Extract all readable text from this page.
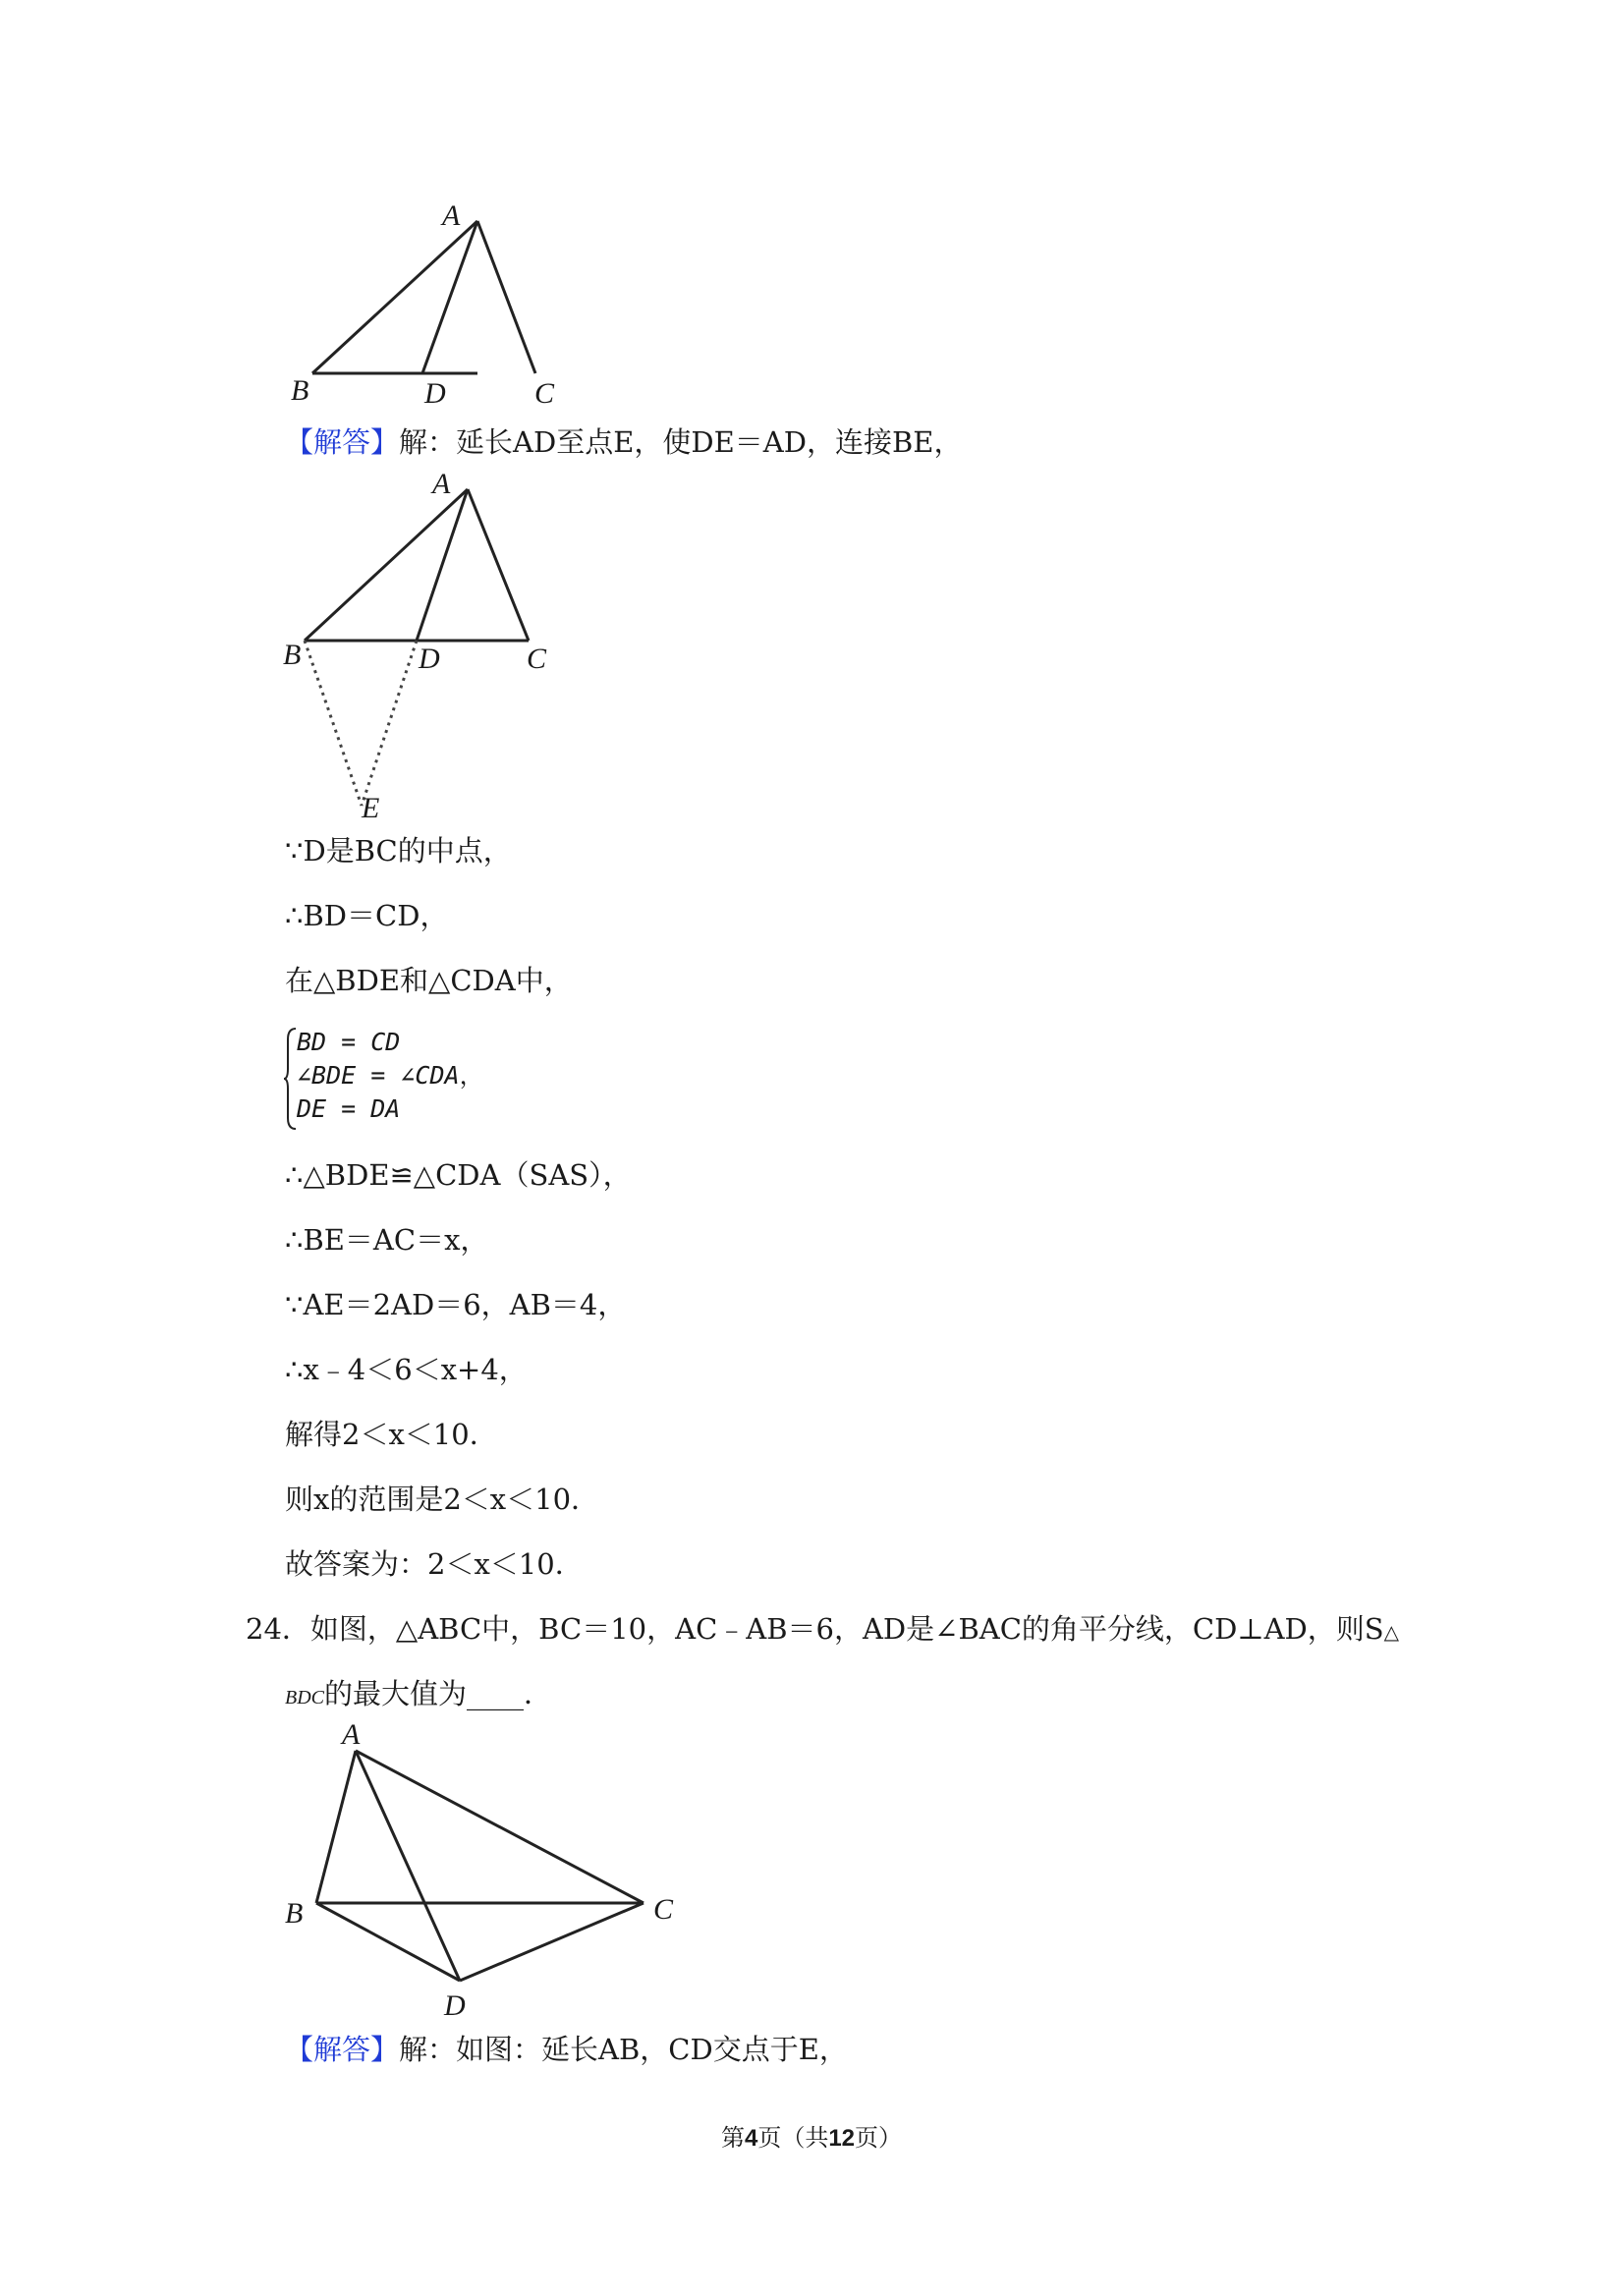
A
B	D	C
【解答】解：延长AD至点E，使DE＝AD，连接BE，
A
B	D	C
E
∵D是BC的中点，
∴BD＝CD，
在△BDE和△CDA中，
BD = CD
∠BDE = ∠CDA，
DE = DA
∴△BDE≌△CDA（SAS），
∴BE＝AC＝x，
∵AE＝2AD＝6，AB＝4，
∴x﹣4＜6＜x+4，
解得2＜x＜10．
则x的范围是2＜x＜10．
故答案为：2＜x＜10．
24．如图，△ABC中，BC＝10，AC﹣AB＝6，AD是∠BAC的角平分线，CD⊥AD，则S△
BDC的最大值为____．
A
B	C
D
【解答】解：如图：延长AB，CD交点于E，
第4页（共12页）
